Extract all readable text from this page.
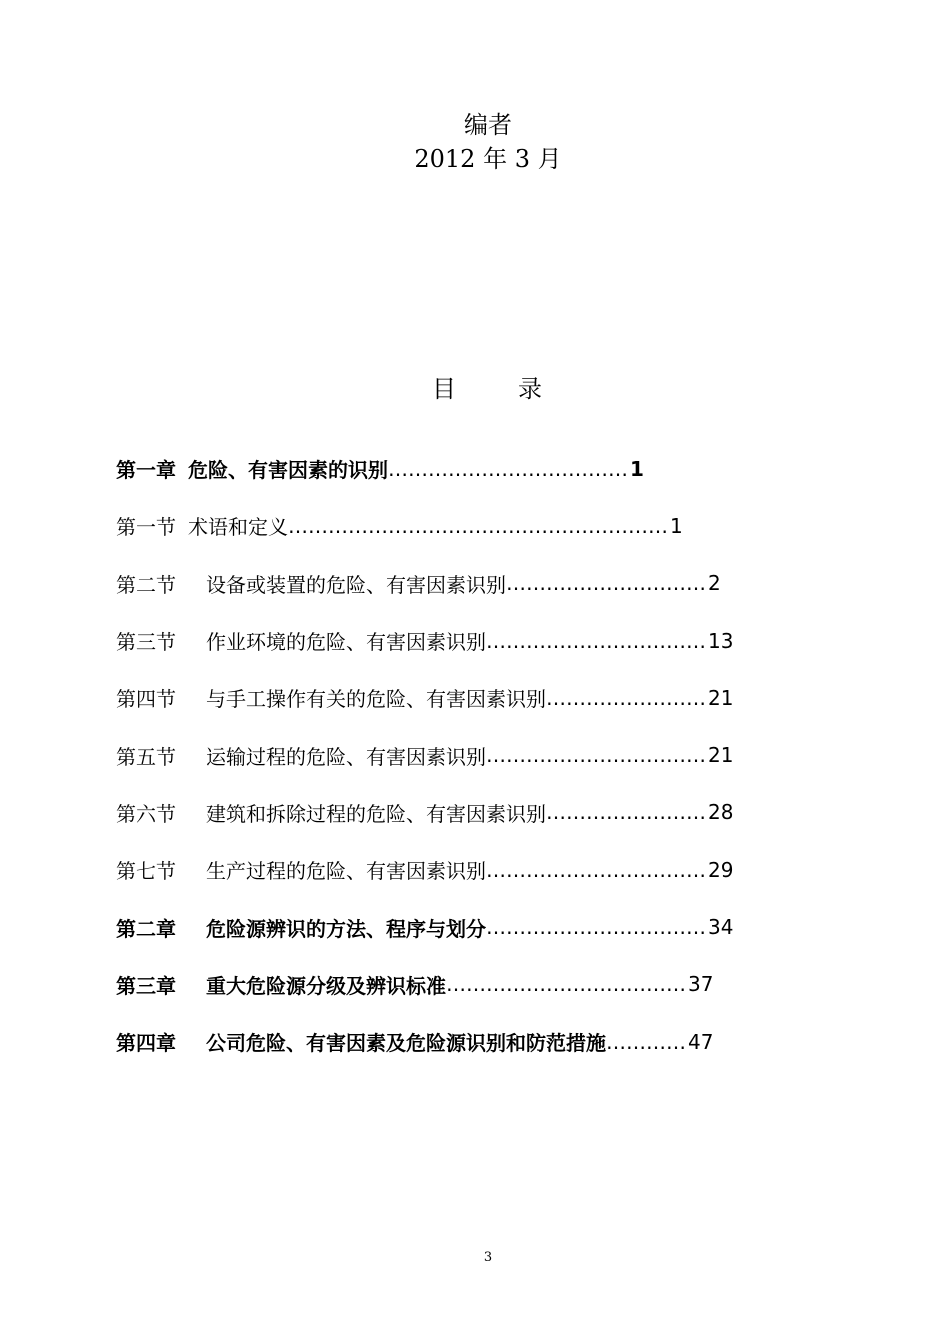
编者
2012 年 3 月
目	录
第一章 危险、有害因素的识别 ……………………………… 1
第一节 术语和定义 ………………………………………………… 1
第二节	设备或装置的危险、有害因素识别 ………………………… 2
第三节	作业环境的危险、有害因素识别 …………………………… 13
第四节	与手工操作有关的危险、有害因素识别 …………………… 21
第五节	运输过程的危险、有害因素识别 …………………………… 21
第六节	建筑和拆除过程的危险、有害因素识别 …………………… 28
第七节	生产过程的危险、有害因素识别 …………………………… 29
第二章	危险源辨识的方法、程序与划分 …………………………… 34
第三章	重大危险源分级及辨识标准 ……………………………… 37
第四章	公司危险、有害因素及危险源识别和防范措施 ………… 47
3
